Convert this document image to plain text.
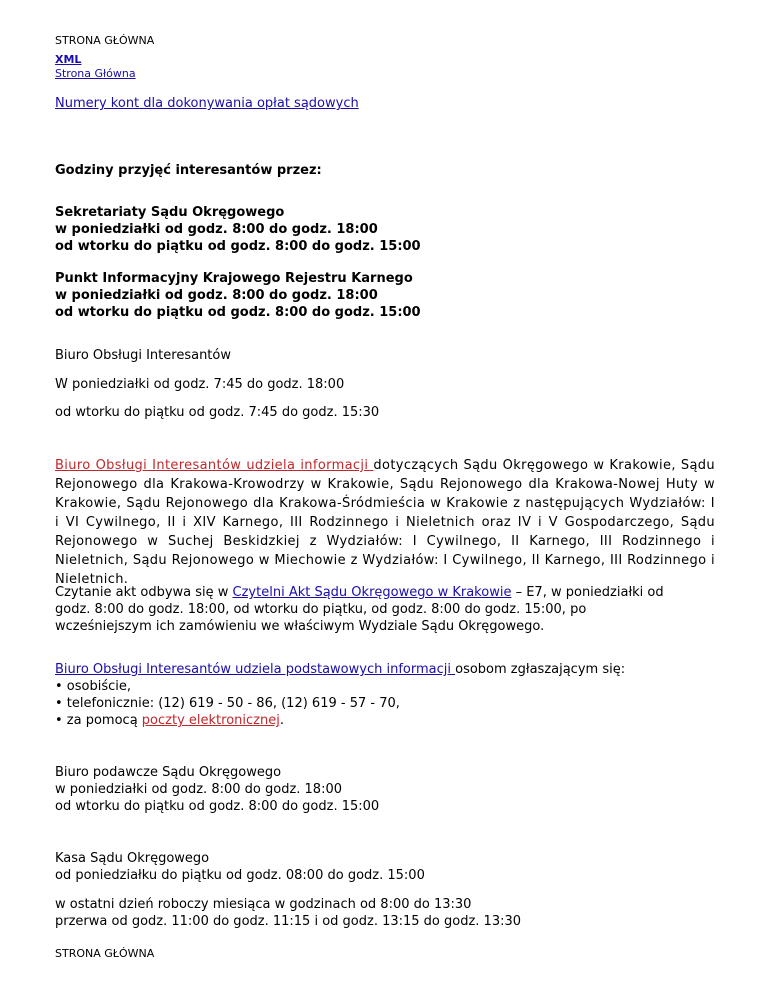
STRONA GŁÓWNA
XML
Strona Główna
Numery kont dla dokonywania opłat sądowych
Godziny przyjęć interesantów przez:
Sekretariaty Sądu Okręgowego
w poniedziałki od godz. 8:00 do godz. 18:00
od wtorku do piątku od godz. 8:00 do godz. 15:00
Punkt Informacyjny Krajowego Rejestru Karnego
w poniedziałki od godz. 8:00 do godz. 18:00
od wtorku do piątku od godz. 8:00 do godz. 15:00
Biuro Obsługi Interesantów
W poniedziałki od godz. 7:45 do godz. 18:00
od wtorku do piątku od godz. 7:45 do godz. 15:30
Biuro Obsługi Interesantów udziela informacji dotyczących Sądu Okręgowego w Krakowie, Sądu Rejonowego dla Krakowa-Krowodrzy w Krakowie, Sądu Rejonowego dla Krakowa-Nowej Huty w Krakowie, Sądu Rejonowego dla Krakowa-Śródmieścia w Krakowie z następujących Wydziałów: I i VI Cywilnego, II i XIV Karnego, III Rodzinnego i Nieletnich oraz IV i V Gospodarczego, Sądu Rejonowego w Suchej Beskidzkiej z Wydziałów: I Cywilnego, II Karnego, III Rodzinnego i Nieletnich, Sądu Rejonowego w Miechowie z Wydziałów: I Cywilnego, II Karnego, III Rodzinnego i Nieletnich.
Czytanie akt odbywa się w Czytelni Akt Sądu Okręgowego w Krakowie – E7, w poniedziałki od godz. 8:00 do godz. 18:00, od wtorku do piątku, od godz. 8:00 do godz. 15:00, po wcześniejszym ich zamówieniu we właściwym Wydziale Sądu Okręgowego.
Biuro Obsługi Interesantów udziela podstawowych informacji osobom zgłaszającym się:
• osobiście,
• telefonicznie: (12) 619 - 50 - 86, (12) 619 - 57 - 70,
• za pomocą poczty elektronicznej.
Biuro podawcze Sądu Okręgowego
w poniedziałki od godz. 8:00 do godz. 18:00
od wtorku do piątku od godz. 8:00 do godz. 15:00
Kasa Sądu Okręgowego
od poniedziałku do piątku od godz. 08:00 do godz. 15:00
w ostatni dzień roboczy miesiąca w godzinach od 8:00 do 13:30
przerwa od godz. 11:00 do godz. 11:15 i od godz. 13:15 do godz. 13:30
STRONA GŁÓWNA
